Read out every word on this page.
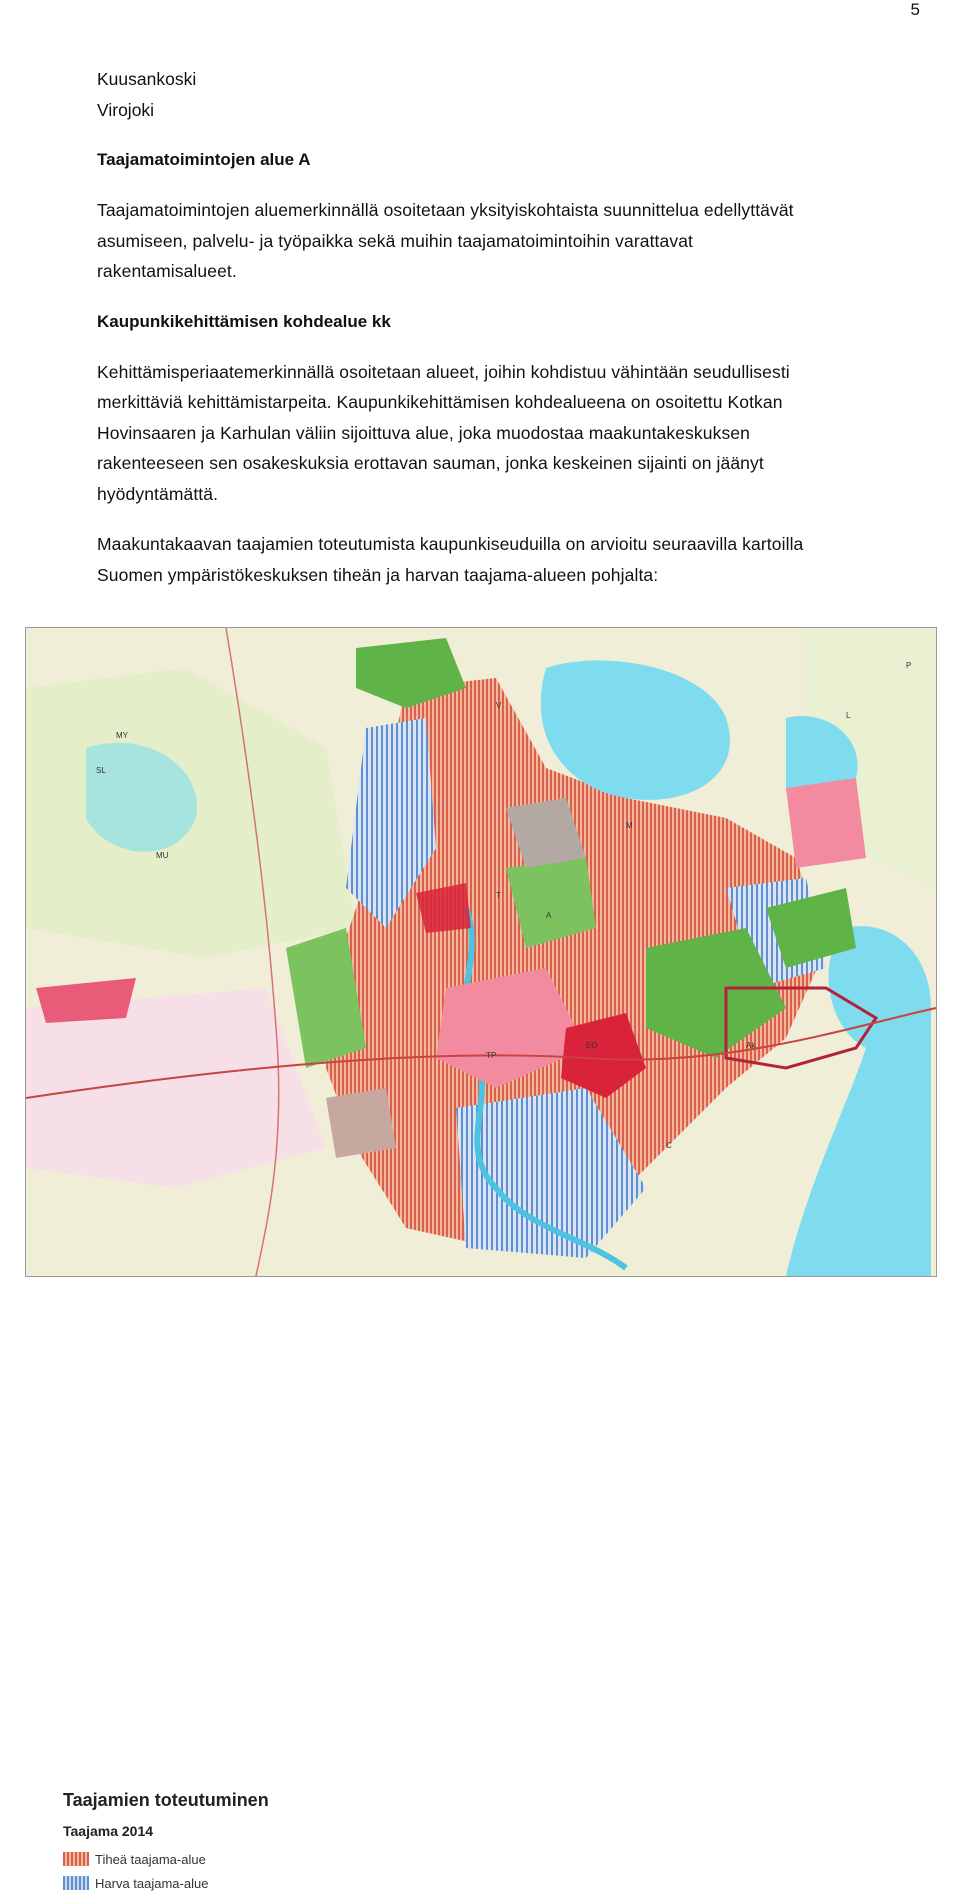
5

Kuusankoski

Virojoki

Taajamatoimintojen alue A

Taajamatoimintojen aluemerkinnällä osoitetaan yksityiskohtaista suunnittelua edellyttävät

asumiseen, palvelu- ja työpaikka sekä muihin taajamatoimintoihin varattavat

rakentamisalueet.

Kaupunkikehittämisen kohdealue kk

Kehittämisperiaatemerkinnällä osoitetaan alueet, joihin kohdistuu vähintään seudullisesti

merkittäviä kehittämistarpeita. Kaupunkikehittämisen kohdealueena on osoitettu Kotkan

Hovinsaaren ja Karhulan väliin sijoittuva alue, joka muodostaa maakuntakeskuksen

rakenteeseen sen osakeskuksia erottavan sauman, jonka keskeinen sijainti on jäänyt

hyödyntämättä.

Maakuntakaavan taajamien toteutumista kaupunkiseuduilla on arvioitu seuraavilla kartoilla

Suomen ympäristökeskuksen tiheän ja harvan taajama-alueen pohjalta:

MY
SL
MU
M
V
A
T
TP
EO	Ak
C
L
P
Taajamien toteutuminen
Taajama 2014
Tiheä taajama-alue
Harva taajama-alue
